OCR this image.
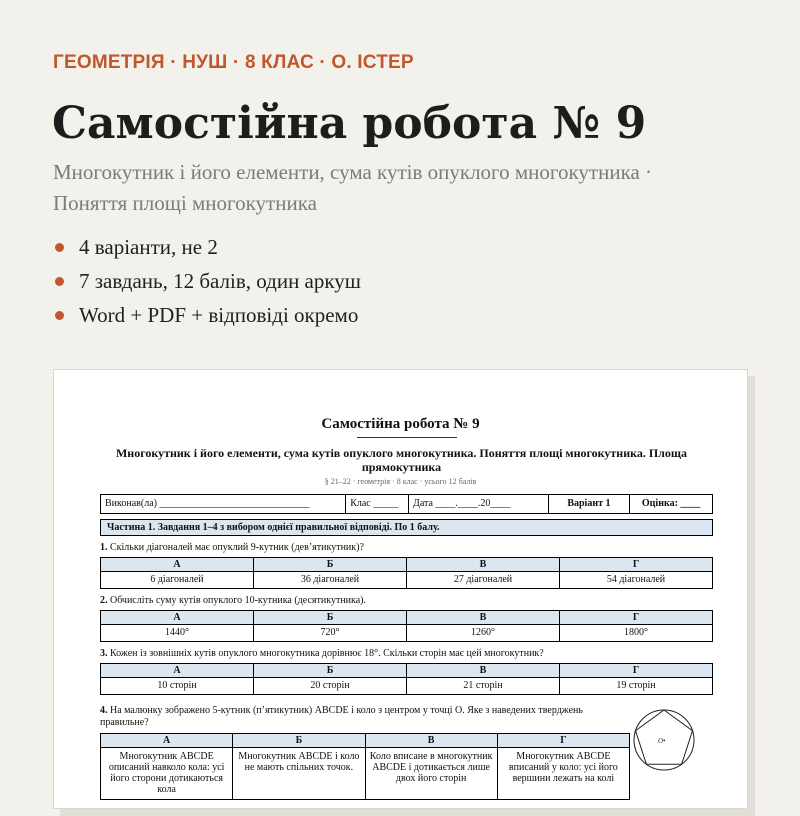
ГЕОМЕТРІЯ · НУШ · 8 КЛАС · О. ІСТЕР
Самостійна робота № 9

Многокутник і його елементи, сума кутів опуклого многокутника · Поняття площі многокутника

4 варіанти, не 2
7 завдань, 12 балів, один аркуш
Word + PDF + відповіді окремо
Самостійна робота № 9
Многокутник і його елементи, сума кутів опуклого многокутника. Поняття площі многокутника. Площа прямокутника
§ 21–22 · геометрія · 8 клас · усього 12 балів
Виконав(ла) ______________________________	Клас _____	Дата ____.____.20____	Варіант 1	Оцінка: ____
Частина 1. Завдання 1–4 з вибором однієї правильної відповіді. По 1 балу.
1. Скільки діагоналей має опуклий 9-кутник (дев’ятикутник)?
А	Б	В	Г
6 діагоналей	36 діагоналей	27 діагоналей	54 діагоналей
2. Обчисліть суму кутів опуклого 10-кутника (десятикутника).
А	Б	В	Г
1440°	720°	1260°	1800°
3. Кожен із зовнішніх кутів опуклого многокутника дорівнює 18°. Скільки сторін має цей многокутник?
А	Б	В	Г
10 сторін	20 сторін	21 сторін	19 сторін
4. На малюнку зображено 5-кутник (п’ятикутник) ABCDE і коло з центром у точці O. Яке з наведених тверджень правильне?
А	Б	В	Г
Многокутник ABCDE описаний навколо кола: усі його сторони дотикаються кола	Многокутник ABCDE і коло не мають спільних точок.	Коло вписане в многокутник ABCDE і дотикається лише двох його сторін	Многокутник ABCDE вписаний у коло: усі його вершини лежать на колі
O•
